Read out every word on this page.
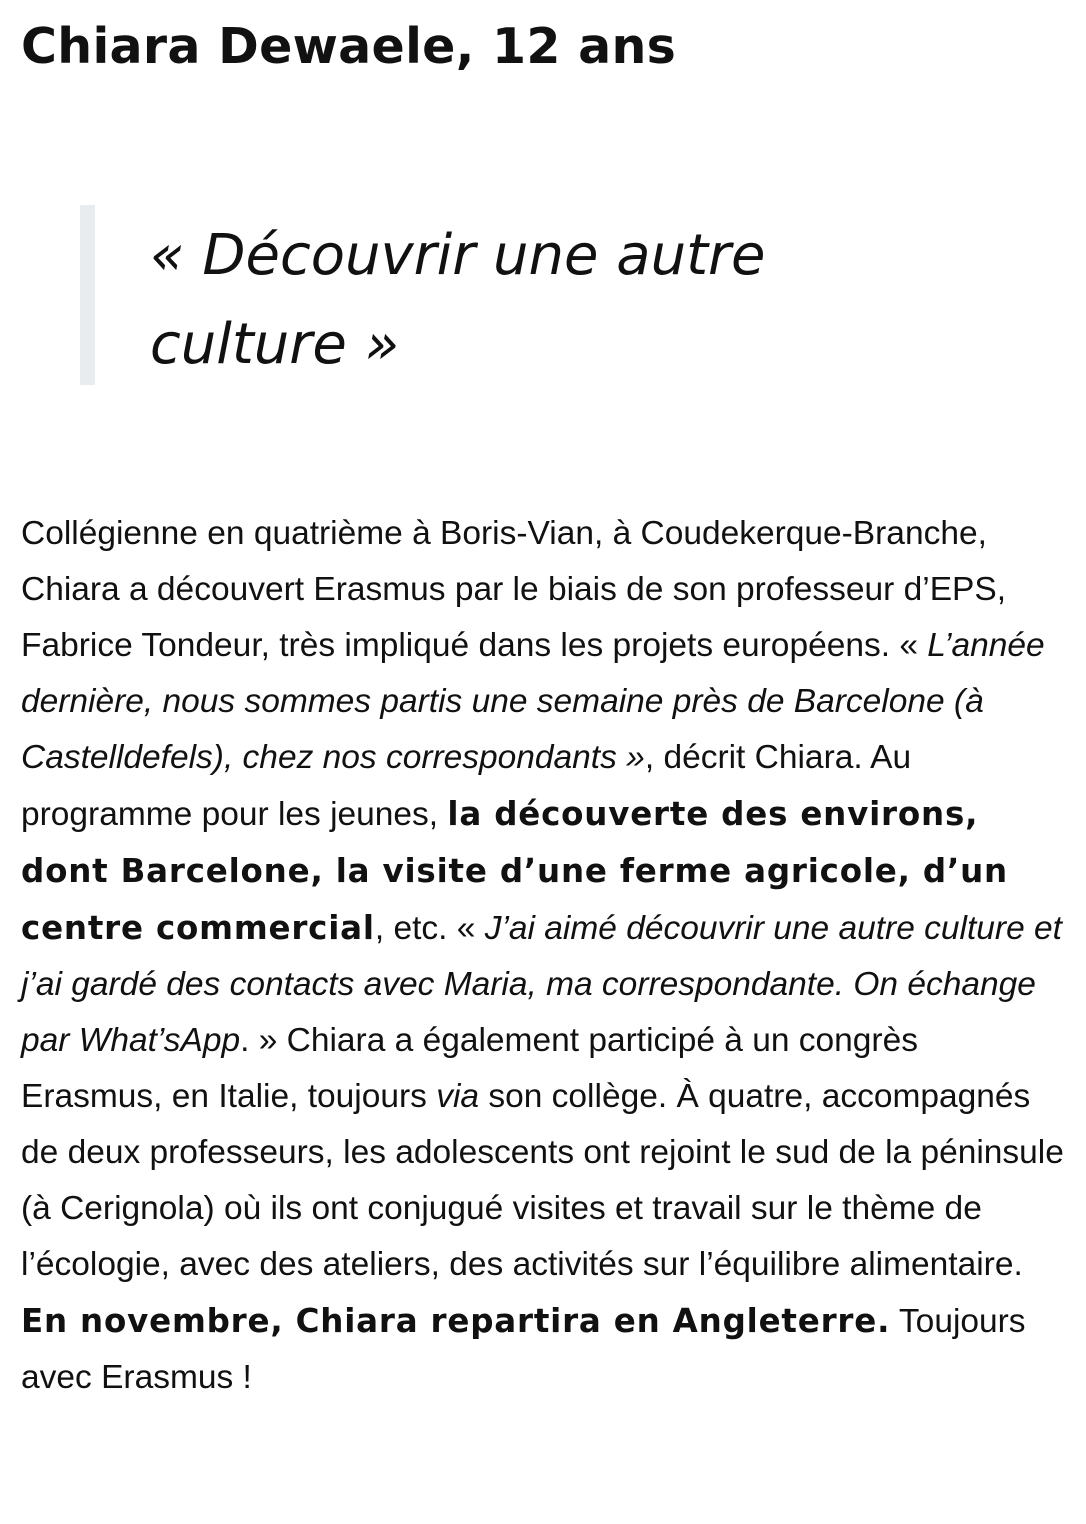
Chiara Dewaele, 12 ans

« Découvrir une autre culture »

Collégienne en quatrième à Boris-Vian, à Coudekerque-Branche, Chiara a découvert Erasmus par le biais de son professeur d’EPS, Fabrice Tondeur, très impliqué dans les projets européens. « L’année dernière, nous sommes partis une semaine près de Barcelone (à Castelldefels), chez nos correspondants », décrit Chiara. Au programme pour les jeunes, la découverte des environs, dont Barcelone, la visite d’une ferme agricole, d’un centre commercial, etc. « J’ai aimé découvrir une autre culture et j’ai gardé des contacts avec Maria, ma correspondante. On échange par What’sApp. » Chiara a également participé à un congrès Erasmus, en Italie, toujours via son collège. À quatre, accompagnés de deux professeurs, les adolescents ont rejoint le sud de la péninsule (à Cerignola) où ils ont conjugué visites et travail sur le thème de l’écologie, avec des ateliers, des activités sur l’équilibre alimentaire. En novembre, Chiara repartira en Angleterre. Toujours avec Erasmus !
